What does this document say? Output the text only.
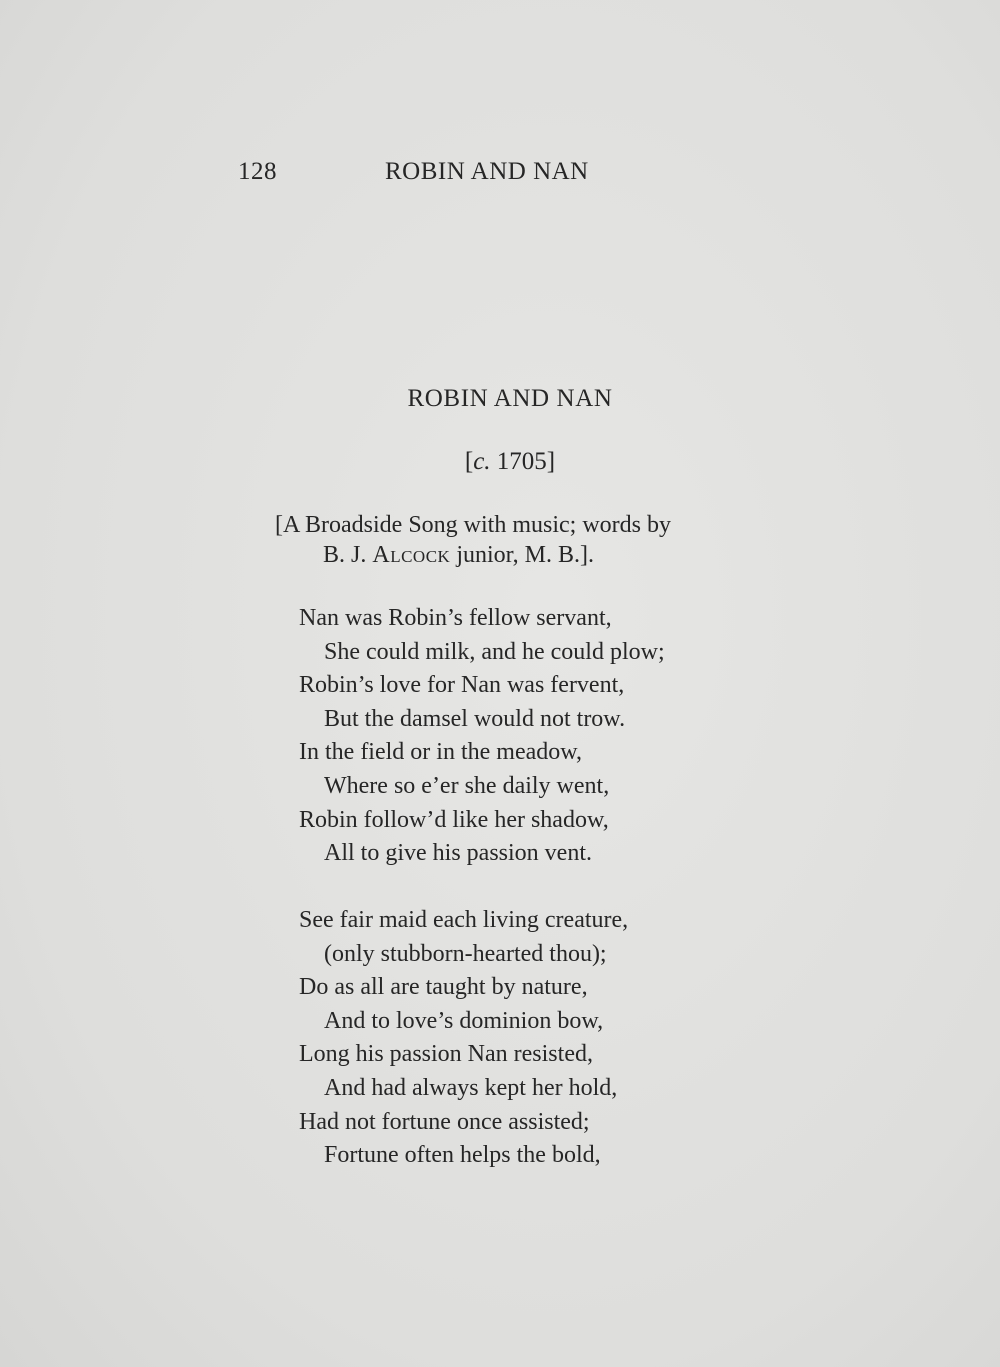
128	ROBIN AND NAN
ROBIN AND NAN
[c. 1705]
[A Broadside Song with music; words by
B. J. Alcock junior, M. B.].
Nan was Robin’s fellow servant,
She could milk, and he could plow;
Robin’s love for Nan was fervent,
But the damsel would not trow.
In the field or in the meadow,
Where so e’er she daily went,
Robin follow’d like her shadow,
All to give his passion vent.
See fair maid each living creature,
(only stubborn-hearted thou);
Do as all are taught by nature,
And to love’s dominion bow,
Long his passion Nan resisted,
And had always kept her hold,
Had not fortune once assisted;
Fortune often helps the bold,
